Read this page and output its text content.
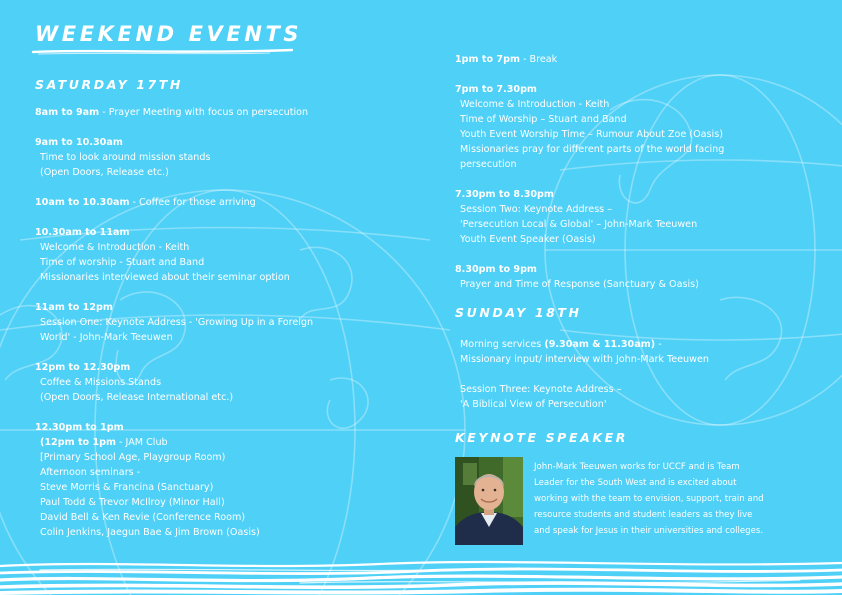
WEEKEND EVENTS
SATURDAY 17TH
8am to 9am - Prayer Meeting with focus on persecution
9am to 10.30am
Time to look around mission stands
(Open Doors, Release etc.)
10am to 10.30am - Coffee for those arriving
10.30am to 11am
Welcome & Introduction - Keith
Time of worship - Stuart and Band
Missionaries interviewed about their seminar option
11am to 12pm
Session One: Keynote Address - 'Growing Up in a Foreign
World' - John-Mark Teeuwen
12pm to 12.30pm
Coffee & Missions Stands
(Open Doors, Release International etc.)
12.30pm to 1pm
(12pm to 1pm - JAM Club
[Primary School Age, Playgroup Room)
Afternoon seminars -
Steve Morris & Francina (Sanctuary)
Paul Todd & Trevor McIlroy (Minor Hall)
David Bell & Ken Revie (Conference Room)
Colin Jenkins, Jaegun Bae & Jim Brown (Oasis)
1pm to 7pm - Break
7pm to 7.30pm
Welcome & Introduction - Keith
Time of Worship – Stuart and Band
Youth Event Worship Time – Rumour About Zoe (Oasis)
Missionaries pray for different parts of the world facing
persecution
7.30pm to 8.30pm
Session Two: Keynote Address –
'Persecution Local & Global' – John-Mark Teeuwen
Youth Event Speaker (Oasis)
8.30pm to 9pm
Prayer and Time of Response (Sanctuary & Oasis)
SUNDAY 18TH
Morning services (9.30am & 11.30am) -
Missionary input/ interview with John-Mark Teeuwen
Session Three: Keynote Address –
'A Biblical View of Persecution'
KEYNOTE SPEAKER
John-Mark Teeuwen works for UCCF and is Team
Leader for the South West and is excited about
working with the team to envision, support, train and
resource students and student leaders as they live
and speak for Jesus in their universities and colleges.
